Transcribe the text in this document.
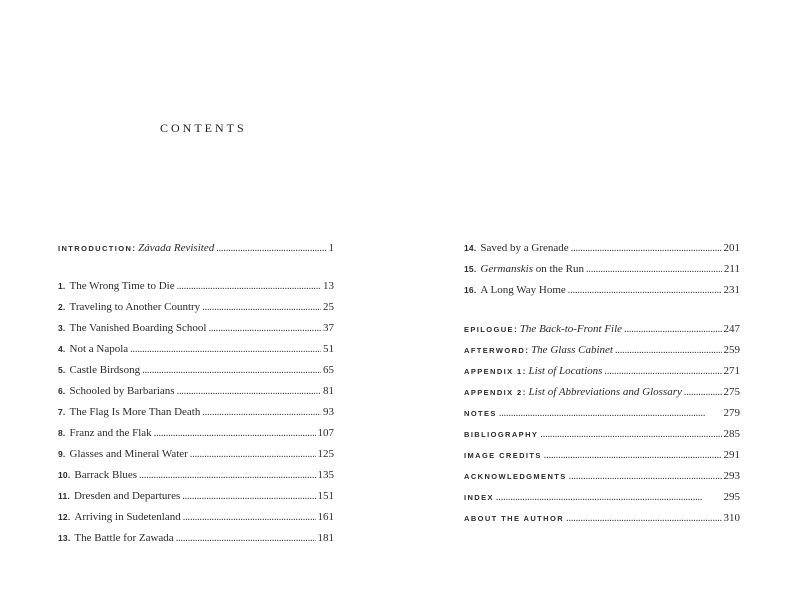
CONTENTS
INTRODUCTION : Závada Revisited . . .	1
1. The Wrong Time to Die . . .	13
2. Traveling to Another Country . . .	25
3. The Vanished Boarding School . . .	37
4. Not a Napola . . .	51
5. Castle Birdsong . . .	65
6. Schooled by Barbarians . . .	81
7. The Flag Is More Than Death . . .	93
8. Franz and the Flak . . .	107
9. Glasses and Mineral Water . . .	125
10. Barrack Blues . . .	135
11. Dresden and Departures . . .	151
12. Arriving in Sudetenland . . .	161
13. The Battle for Zawada . . .	181
14. Saved by a Grenade . . .	201
15. Germanskis on the Run . . .	211
16. A Long Way Home . . .	231
EPILOGUE : The Back-to-Front File . . .	247
AFTERWORD : The Glass Cabinet . . .	259
APPENDIX 1 : List of Locations . . .	271
APPENDIX 2 : List of Abbreviations and Glossary . . .	275
NOTES . . .	279
BIBLIOGRAPHY . . .	285
IMAGE CREDITS . . .	291
ACKNOWLEDGMENTS . . .	293
INDEX . . .	295
ABOUT THE AUTHOR . . .	310
